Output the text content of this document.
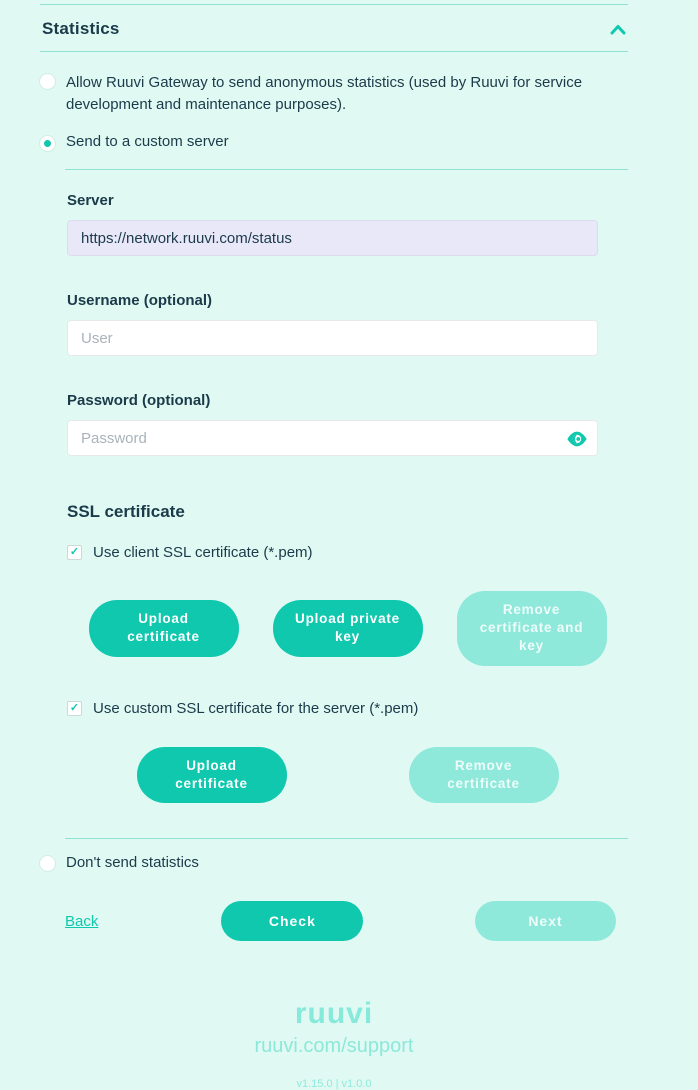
Statistics
Allow Ruuvi Gateway to send anonymous statistics (used by Ruuvi for service development and maintenance purposes).
Send to a custom server
Server
https://network.ruuvi.com/status
Username (optional)
User
Password (optional)
SSL certificate
✓ Use client SSL certificate (*.pem)
Upload certificate
Upload private key
Remove certificate and key
✓ Use custom SSL certificate for the server (*.pem)
Upload certificate
Remove certificate
Don't send statistics
Back	Check	Next
ruuvi
ruuvi.com/support
v1.15.0 | v1.0.0
